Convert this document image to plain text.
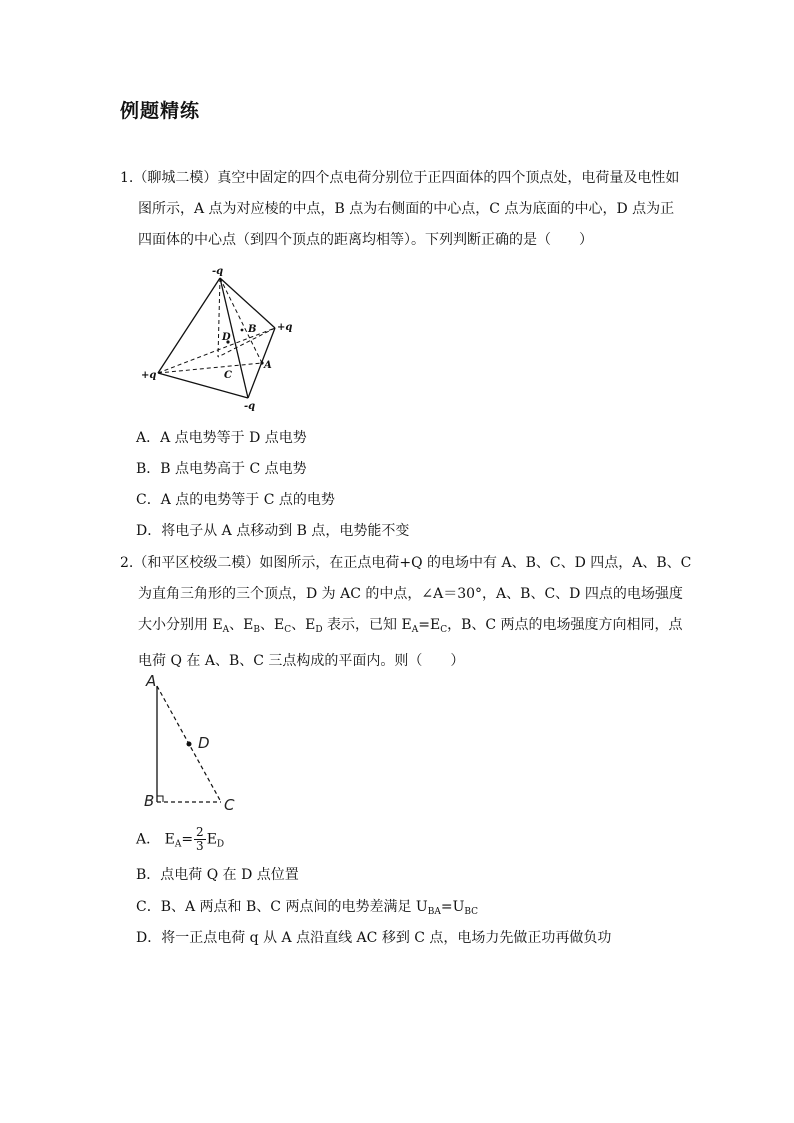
例题精练
1.（聊城二模）真空中固定的四个点电荷分别位于正四面体的四个顶点处，电荷量及电性如
图所示，A 点为对应棱的中点，B 点为右侧面的中心点，C 点为底面的中心，D 点为正
四面体的中心点（到四个顶点的距离均相等）。下列判断正确的是（　　）
-q
+q
+q
-q
A
B
C
D
A．A 点电势等于 D 点电势
B．B 点电势高于 C 点电势
C．A 点的电势等于 C 点的电势
D．将电子从 A 点移动到 B 点，电势能不变
2.（和平区校级二模）如图所示，在正点电荷+Q 的电场中有 A、B、C、D 四点，A、B、C
为直角三角形的三个顶点，D 为 AC 的中点，∠A＝30°，A、B、C、D 四点的电场强度
大小分别用 $E_A$、$E_B$、$E_C$、$E_D$ 表示，已知 $E_A=E_C$，B、C 两点的电场强度方向相同，点
电荷 Q 在 A、B、C 三点构成的平面内。则（　　）
A
B	C
D
A． $E_A= \frac{2}{3} E_D$
B．点电荷 Q 在 D 点位置
C．B、A 两点和 B、C 两点间的电势差满足 $U_{BA}=U_{BC}$
D．将一正点电荷 q 从 A 点沿直线 AC 移到 C 点，电场力先做正功再做负功
